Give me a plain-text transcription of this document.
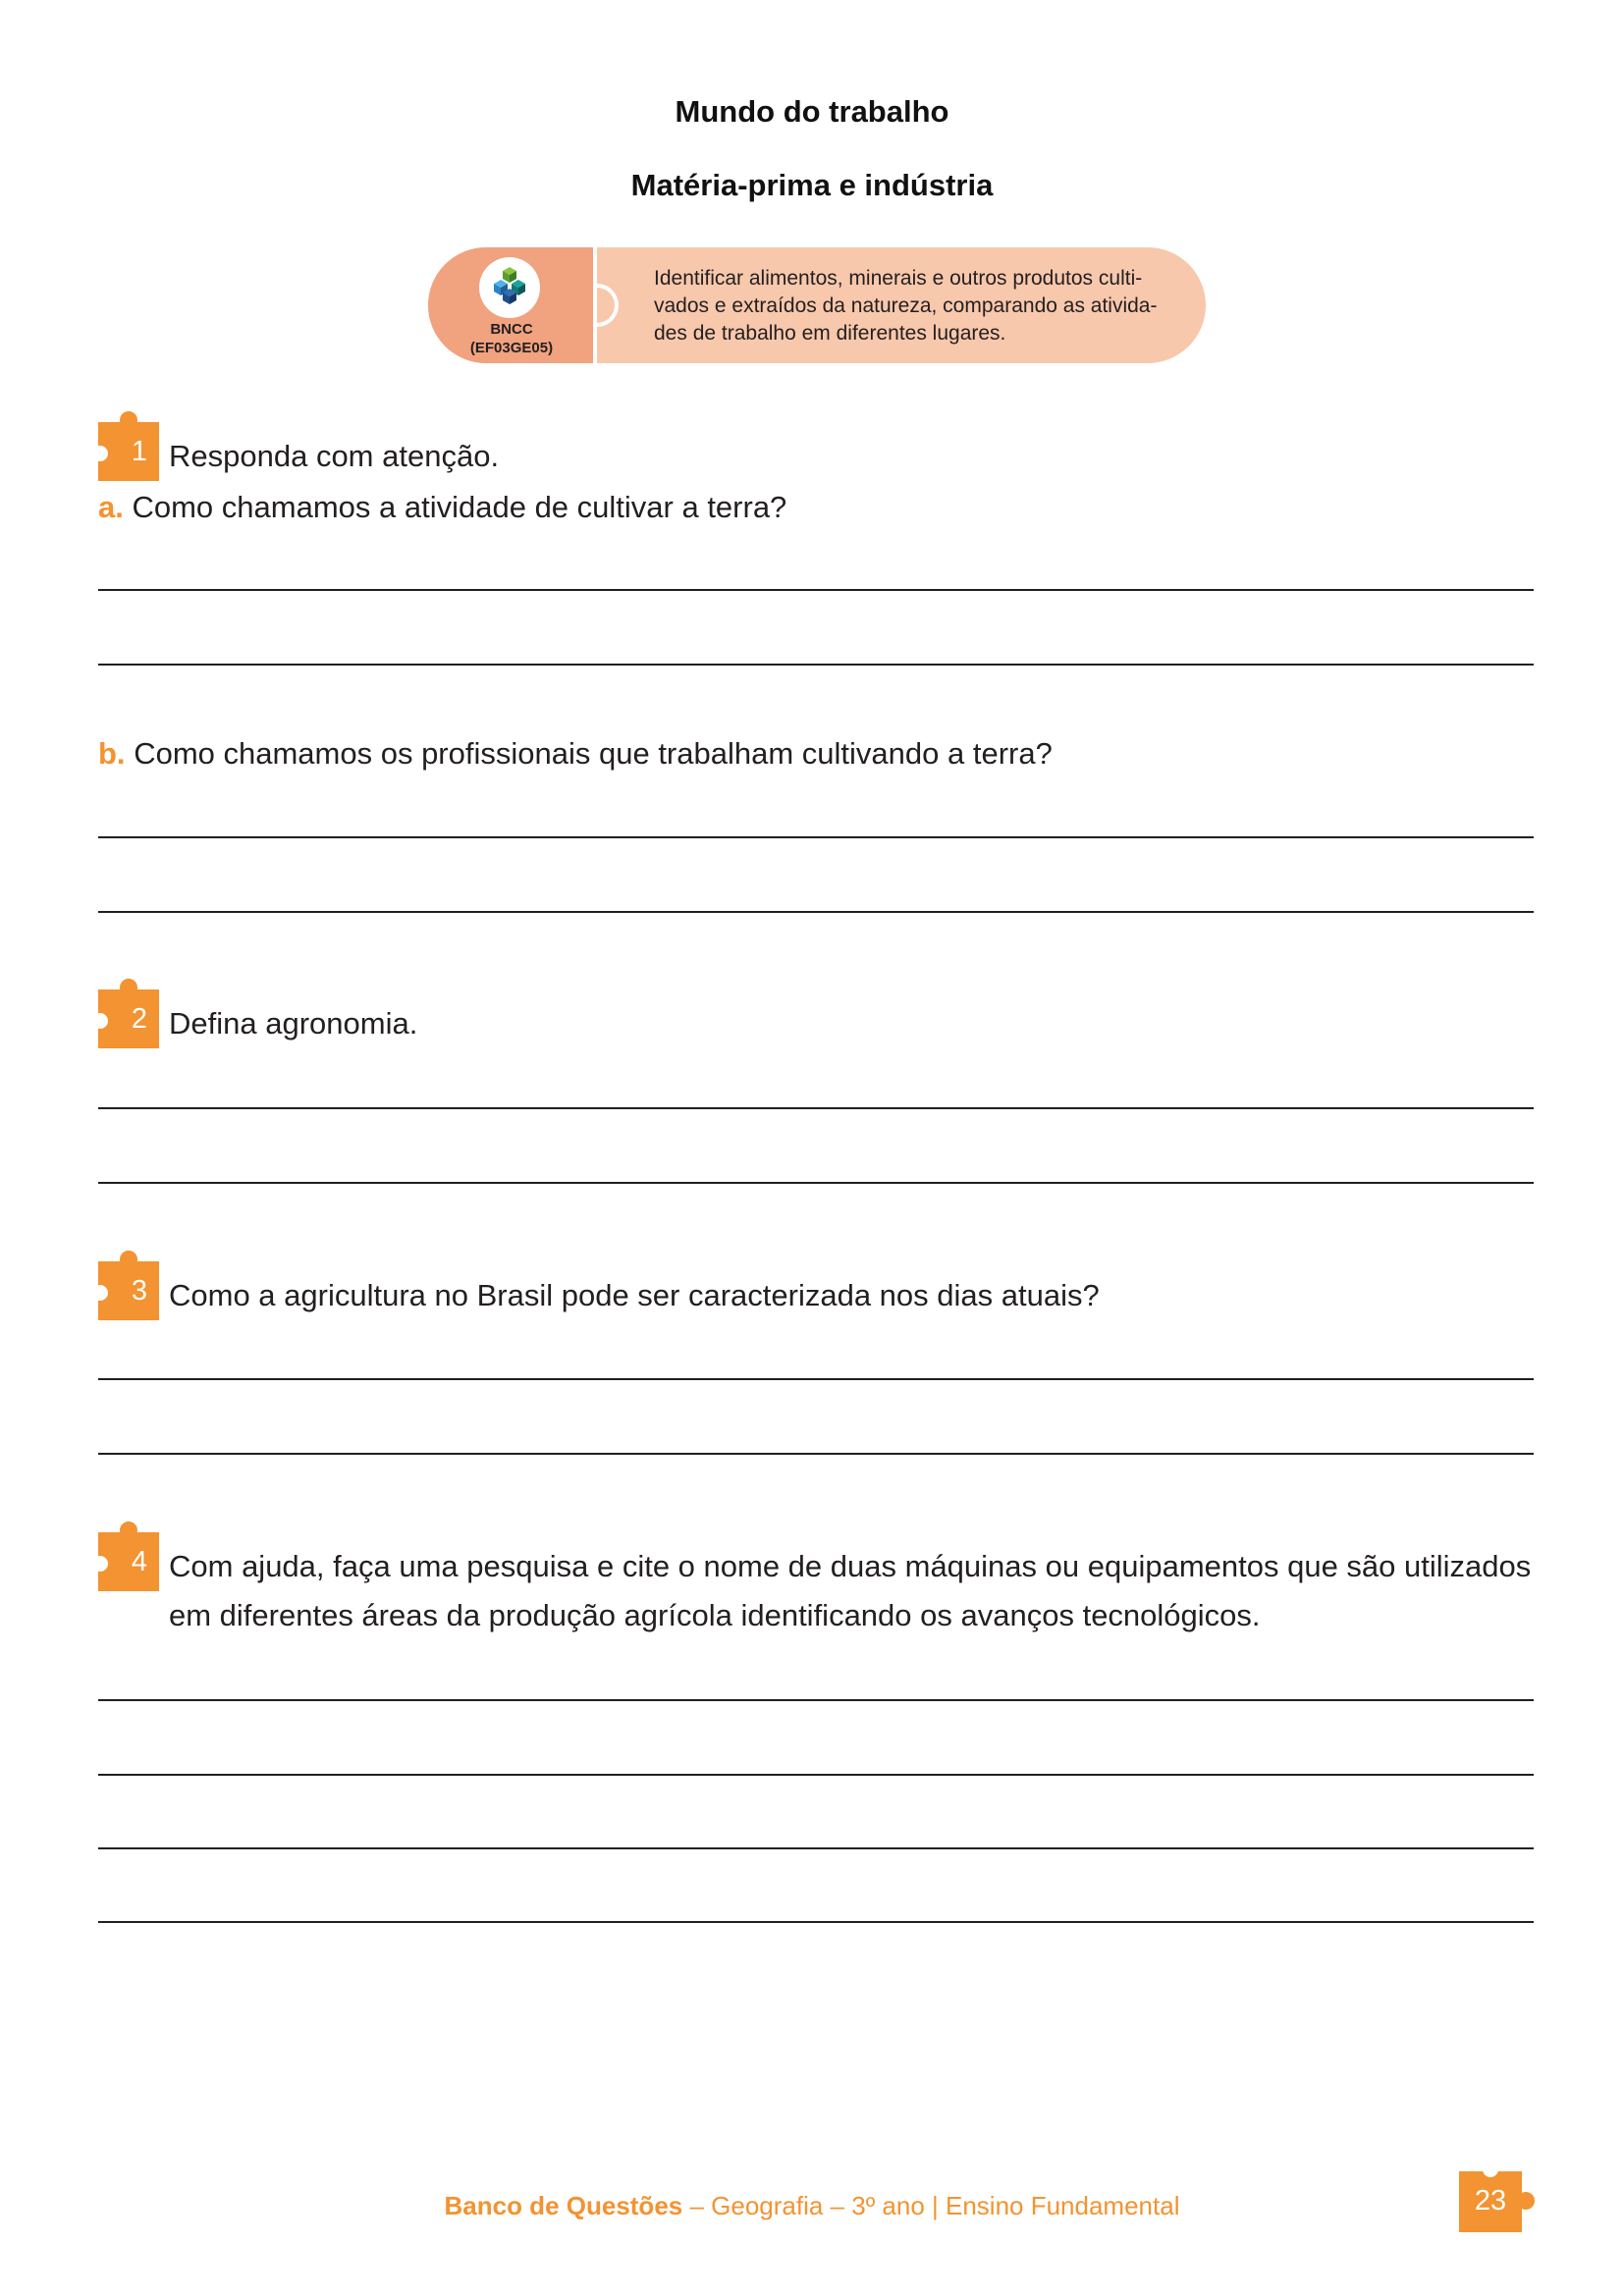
Mundo do trabalho
Matéria-prima e indústria
BNCC
(EF03GE05)
Identificar alimentos, minerais e outros produtos culti-
vados e extraídos da natureza, comparando as ativida-
des de trabalho em diferentes lugares.
1 Responda com atenção.
a. Como chamamos a atividade de cultivar a terra?
b. Como chamamos os profissionais que trabalham cultivando a terra?
2 Defina agronomia.
3 Como a agricultura no Brasil pode ser caracterizada nos dias atuais?
4 Com ajuda, faça uma pesquisa e cite o nome de duas máquinas ou equipamentos que são utilizados
em diferentes áreas da produção agrícola identificando os avanços tecnológicos.
Banco de Questões – Geografia – 3º ano | Ensino Fundamental	23
